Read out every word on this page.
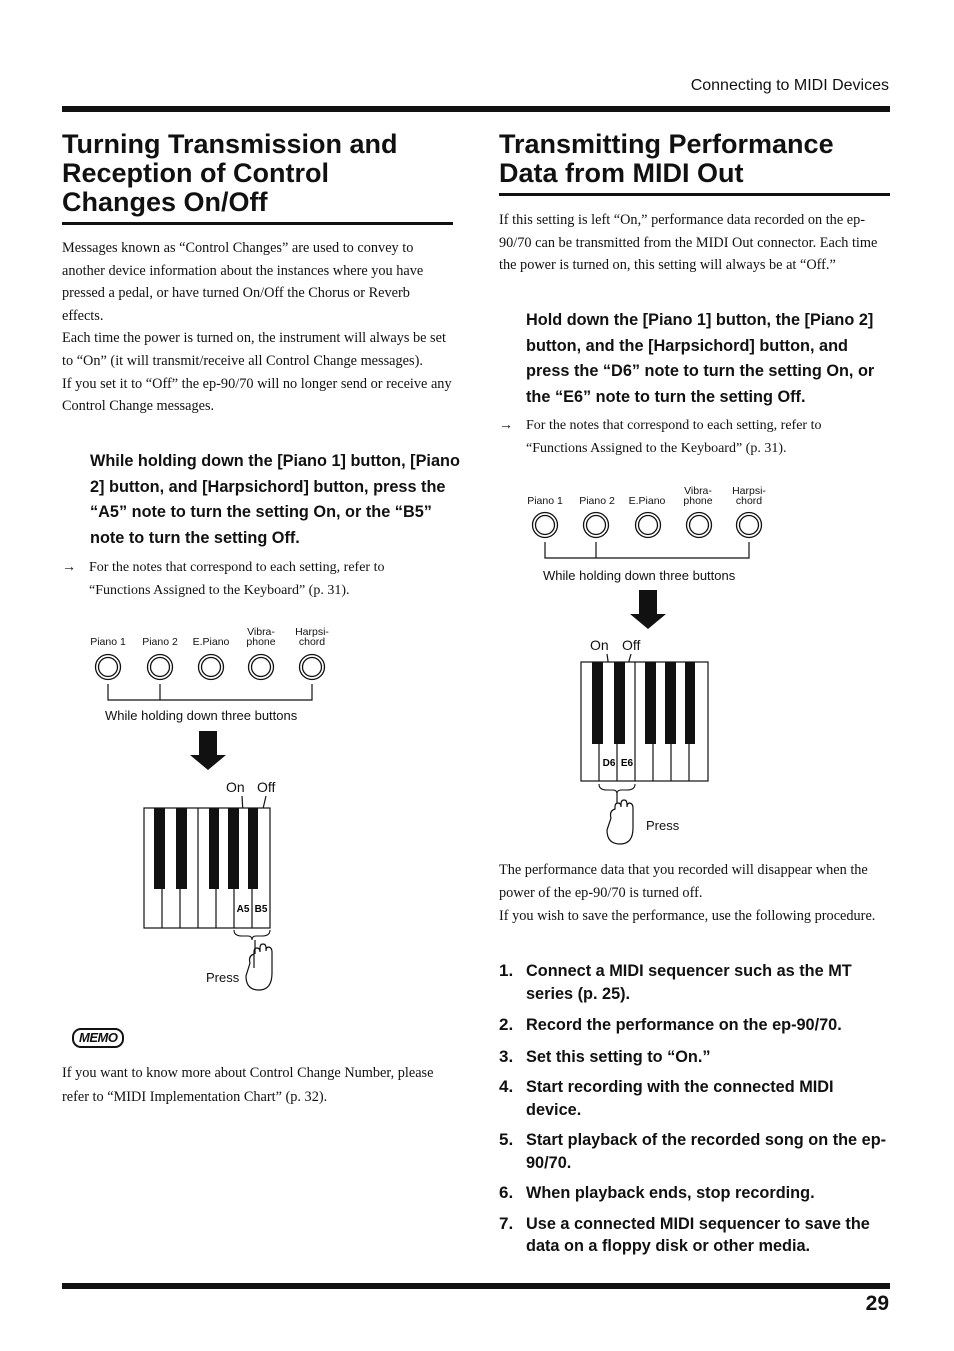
Connecting to MIDI Devices
Turning Transmission and
Reception of Control
Changes On/Off

Messages known as “Control Changes” are used to convey to another device information about the instances where you have pressed a pedal, or have turned On/Off the Chorus or Reverb effects.

Each time the power is turned on, the instrument will always be set to “On” (it will transmit/receive all Control Change messages).

If you set it to “Off” the ep-90/70 will no longer send or receive any Control Change messages.

While holding down the [Piano 1] button, [Piano 2] button, and [Harpsichord] button, press the “A5” note to turn the setting On, or the “B5” note to turn the setting Off.

→ For the notes that correspond to each setting, refer to “Functions Assigned to the Keyboard” (p. 31).
Piano 1 Piano 2 E.Piano
Vibra-
phone
Harpsi-
chord
While holding down three buttons
On Off
A5 B5
Press
MEMO

If you want to know more about Control Change Number, please refer to “MIDI Implementation Chart” (p. 32).

Transmitting Performance
Data from MIDI Out

If this setting is left “On,” performance data recorded on the ep-90/70 can be transmitted from the MIDI Out connector. Each time the power is turned on, this setting will always be at “Off.”

Hold down the [Piano 1] button, the [Piano 2] button, and the [Harpsichord] button, and press the “D6” note to turn the setting On, or the “E6” note to turn the setting Off.

→ For the notes that correspond to each setting, refer to “Functions Assigned to the Keyboard” (p. 31).
Piano 1 Piano 2 E.Piano
Vibra-
phone
Harpsi-
chord
While holding down three buttons
On Off
D6 E6
Press

The performance data that you recorded will disappear when the power of the ep-90/70 is turned off.

If you wish to save the performance, use the following procedure.

1. Connect a MIDI sequencer such as the MT series (p. 25).
2. Record the performance on the ep-90/70.
3. Set this setting to “On.”
4. Start recording with the connected MIDI device.
5. Start playback of the recorded song on the ep-90/70.
6. When playback ends, stop recording.
7. Use a connected MIDI sequencer to save the data on a floppy disk or other media.
29
